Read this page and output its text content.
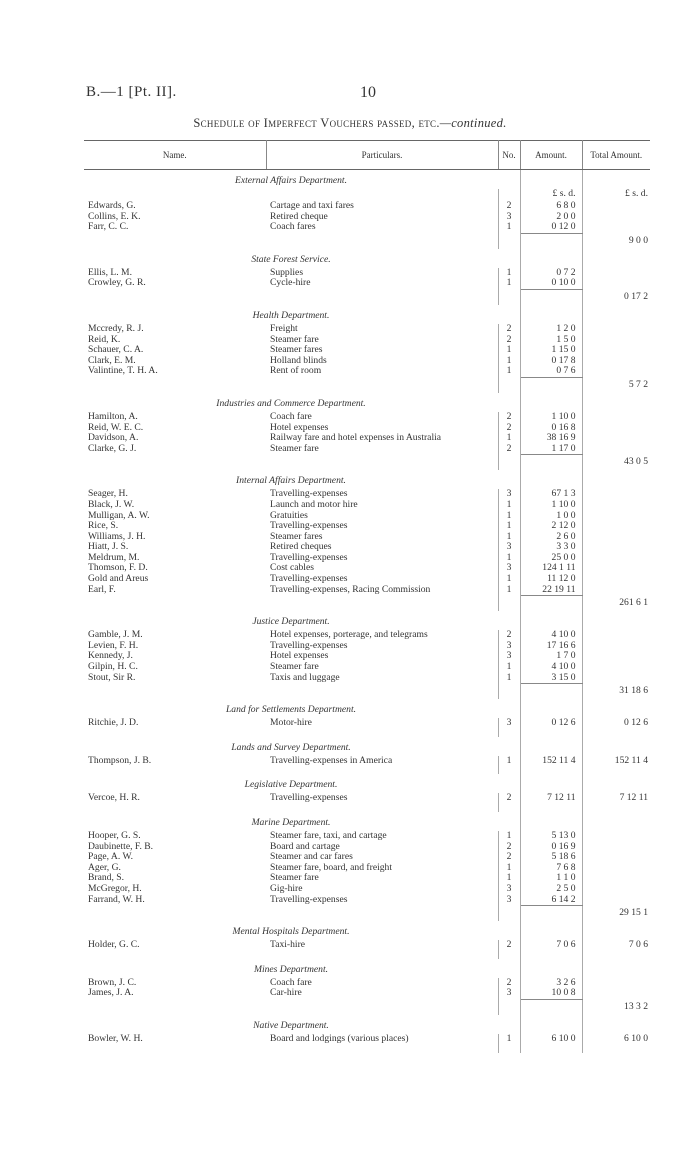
B.—1 [Pt. II].	10
Schedule of Imperfect Vouchers passed, etc.—continued.
Name.	Particulars.	No.	Amount.	Total Amount.
External Affairs Department.				
			£ s. d.	£ s. d.
Edwards, G.	Cartage and taxi fares	2	6 8 0	
Collins, E. K.	Retired cheque	3	2 0 0	
Farr, C. C.	Coach fares	1	0 12 0	
				9 0 0
State Forest Service.				
Ellis, L. M.	Supplies	1	0 7 2	
Crowley, G. R.	Cycle-hire	1	0 10 0	
				0 17 2
Health Department.				
Mccredy, R. J.	Freight	2	1 2 0	
Reid, K.	Steamer fare	2	1 5 0	
Schauer, C. A.	Steamer fares	1	1 15 0	
Clark, E. M.	Holland blinds	1	0 17 8	
Valintine, T. H. A.	Rent of room	1	0 7 6	
				5 7 2
Industries and Commerce Department.				
Hamilton, A.	Coach fare	2	1 10 0	
Reid, W. E. C.	Hotel expenses	2	0 16 8	
Davidson, A.	Railway fare and hotel expenses in Australia	1	38 16 9	
Clarke, G. J.	Steamer fare	2	1 17 0	
				43 0 5
Internal Affairs Department.				
Seager, H.	Travelling-expenses	3	67 1 3	
Black, J. W.	Launch and motor hire	1	1 10 0	
Mulligan, A. W.	Gratuities	1	1 0 0	
Rice, S.	Travelling-expenses	1	2 12 0	
Williams, J. H.	Steamer fares	1	2 6 0	
Hiatt, J. S.	Retired cheques	3	3 3 0	
Meldrum, M.	Travelling-expenses	1	25 0 0	
Thomson, F. D.	Cost cables	3	124 1 11	
Gold and Areus	Travelling-expenses	1	11 12 0	
Earl, F.	Travelling-expenses, Racing Commission	1	22 19 11	
				261 6 1
Justice Department.				
Gamble, J. M.	Hotel expenses, porterage, and telegrams	2	4 10 0	
Levien, F. H.	Travelling-expenses	3	17 16 6	
Kennedy, J.	Hotel expenses	3	1 7 0	
Gilpin, H. C.	Steamer fare	1	4 10 0	
Stout, Sir R.	Taxis and luggage	1	3 15 0	
				31 18 6
Land for Settlements Department.				
Ritchie, J. D.	Motor-hire	3	0 12 6	0 12 6

Lands and Survey Department.				
Thompson, J. B.	Travelling-expenses in America	1	152 11 4	152 11 4

Legislative Department.				
Vercoe, H. R.	Travelling-expenses	2	7 12 11	7 12 11

Marine Department.				
Hooper, G. S.	Steamer fare, taxi, and cartage	1	5 13 0	
Daubinette, F. B.	Board and cartage	2	0 16 9	
Page, A. W.	Steamer and car fares	2	5 18 6	
Ager, G.	Steamer fare, board, and freight	1	7 6 8	
Brand, S.	Steamer fare	1	1 1 0	
McGregor, H.	Gig-hire	3	2 5 0	
Farrand, W. H.	Travelling-expenses	3	6 14 2	
				29 15 1
Mental Hospitals Department.				
Holder, G. C.	Taxi-hire	2	7 0 6	7 0 6

Mines Department.				
Brown, J. C.	Coach fare	2	3 2 6	
James, J. A.	Car-hire	3	10 0 8	
				13 3 2
Native Department.				
Bowler, W. H.	Board and lodgings (various places)	1	6 10 0	6 10 0
